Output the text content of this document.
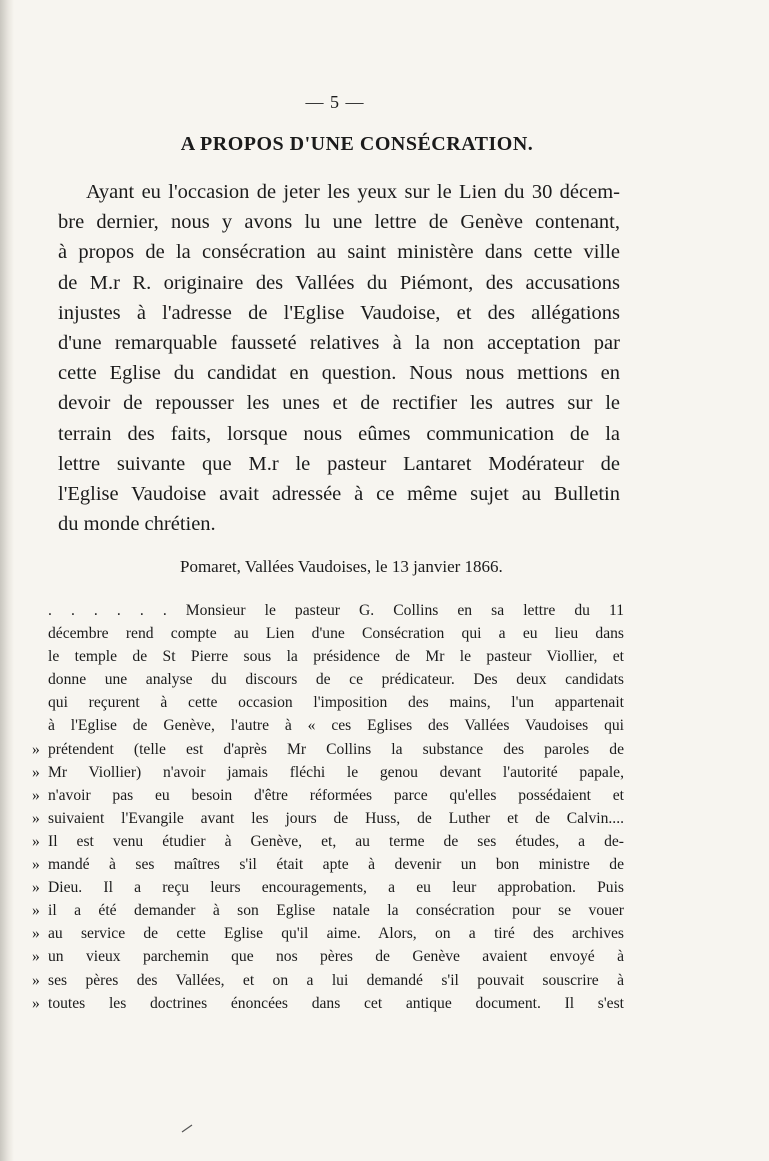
— 5 —
A PROPOS D'UNE CONSÉCRATION.
Ayant eu l'occasion de jeter les yeux sur le Lien du 30 décem-
bre dernier, nous y avons lu une lettre de Genève contenant,
à propos de la consécration au saint ministère dans cette ville
de M.r R. originaire des Vallées du Piémont, des accusations
injustes à l'adresse de l'Eglise Vaudoise, et des allégations
d'une remarquable fausseté relatives à la non acceptation par
cette Eglise du candidat en question. Nous nous mettions en
devoir de repousser les unes et de rectifier les autres sur le
terrain des faits, lorsque nous eûmes communication de la
lettre suivante que M.r le pasteur Lantaret Modérateur de
l'Eglise Vaudoise avait adressée à ce même sujet au Bulletin
du monde chrétien.
Pomaret, Vallées Vaudoises, le 13 janvier 1866.
. . . . . . Monsieur le pasteur G. Collins en sa lettre du 11
décembre rend compte au Lien d'une Consécration qui a eu lieu dans
le temple de St Pierre sous la présidence de Mr le pasteur Viollier, et
donne une analyse du discours de ce prédicateur. Des deux candidats
qui reçurent à cette occasion l'imposition des mains, l'un appartenait
à l'Eglise de Genève, l'autre à « ces Eglises des Vallées Vaudoises qui
» prétendent (telle est d'après Mr Collins la substance des paroles de
» Mr Viollier) n'avoir jamais fléchi le genou devant l'autorité papale,
» n'avoir pas eu besoin d'être réformées parce qu'elles possédaient et
» suivaient l'Evangile avant les jours de Huss, de Luther et de Calvin....
» Il est venu étudier à Genève, et, au terme de ses études, a de-
» mandé à ses maîtres s'il était apte à devenir un bon ministre de
» Dieu. Il a reçu leurs encouragements, a eu leur approbation. Puis
» il a été demander à son Eglise natale la consécration pour se vouer
» au service de cette Eglise qu'il aime. Alors, on a tiré des archives
» un vieux parchemin que nos pères de Genève avaient envoyé à
» ses pères des Vallées, et on a lui demandé s'il pouvait souscrire à
» toutes les doctrines énoncées dans cet antique document. Il s'est
